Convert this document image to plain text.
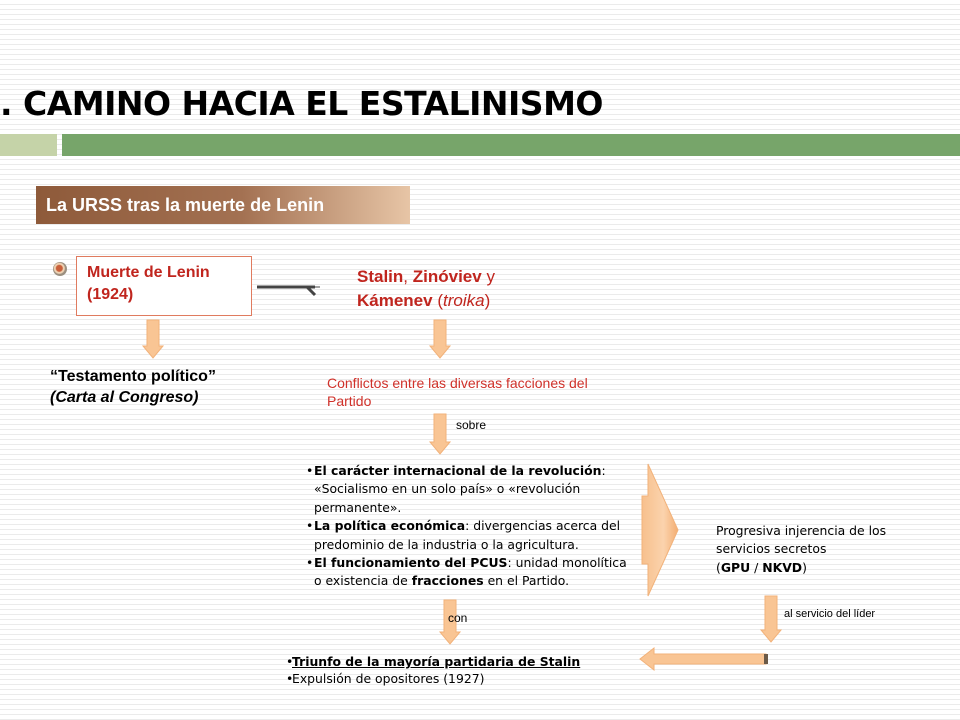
. CAMINO HACIA EL ESTALINISMO
La URSS tras la muerte de Lenin
Muerte de Lenin
(1924)
Stalin, Zinóviev y
Kámenev (troika)
“Testamento político”
(Carta al Congreso)
Conflictos entre las diversas facciones del Partido
sobre
• El carácter internacional de la revolución: «Socialismo en un solo país» o «revolución permanente».
• La política económica: divergencias acerca del predominio de la industria o la agricultura.
• El funcionamiento del PCUS: unidad monolítica o existencia de fracciones en el Partido.
Progresiva injerencia de los servicios secretos
(GPU / NKVD)
con	al servicio del líder
• Triunfo de la mayoría partidaria de Stalin
• Expulsión de opositores (1927)
